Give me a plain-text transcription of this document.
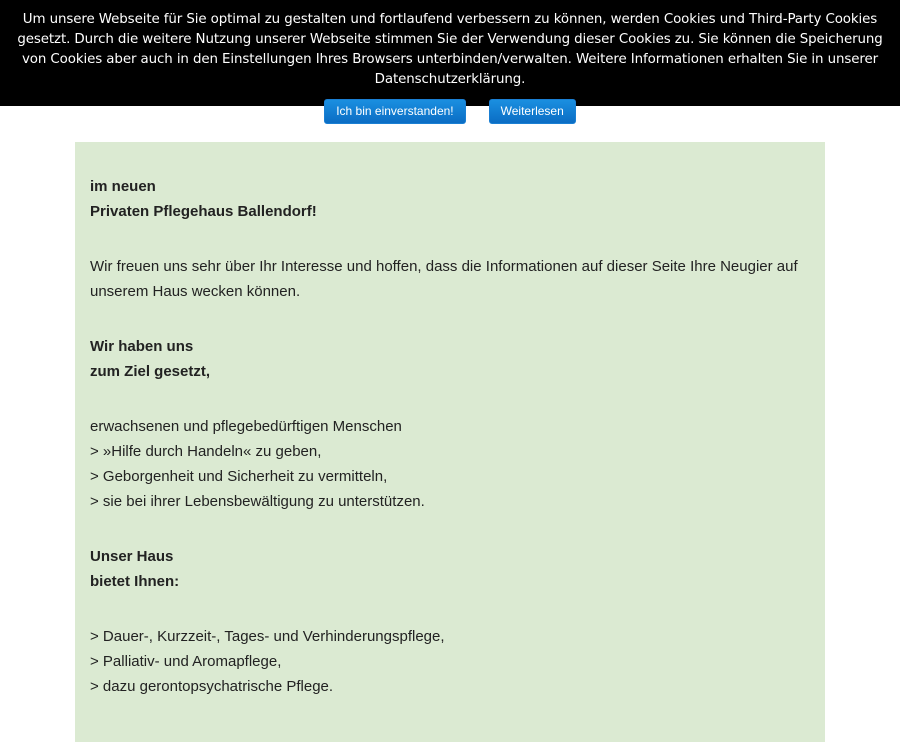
Um unsere Webseite für Sie optimal zu gestalten und fortlaufend verbessern zu können, werden Cookies und Third-Party Cookies gesetzt. Durch die weitere Nutzung unserer Webseite stimmen Sie der Verwendung dieser Cookies zu. Sie können die Speicherung von Cookies aber auch in den Einstellungen Ihres Browsers unterbinden/verwalten. Weitere Informationen erhalten Sie in unserer Datenschutzerklärung.
Ich bin einverstanden!	Weiterlesen

im neuen
Privaten Pflegehaus Ballendorf!

Wir freuen uns sehr über Ihr Interesse und hoffen, dass die Informationen auf dieser Seite Ihre Neugier auf unserem Haus wecken können.

Wir haben uns
zum Ziel gesetzt,

erwachsenen und pflegebedürftigen Menschen
> »Hilfe durch Handeln« zu geben,
> Geborgenheit und Sicherheit zu vermitteln,
> sie bei ihrer Lebensbewältigung zu unterstützen.

Unser Haus
bietet Ihnen:

> Dauer-, Kurzzeit-, Tages- und Verhinderungspflege,
> Palliativ- und Aromapflege,
> dazu gerontopsychatrische Pflege.
